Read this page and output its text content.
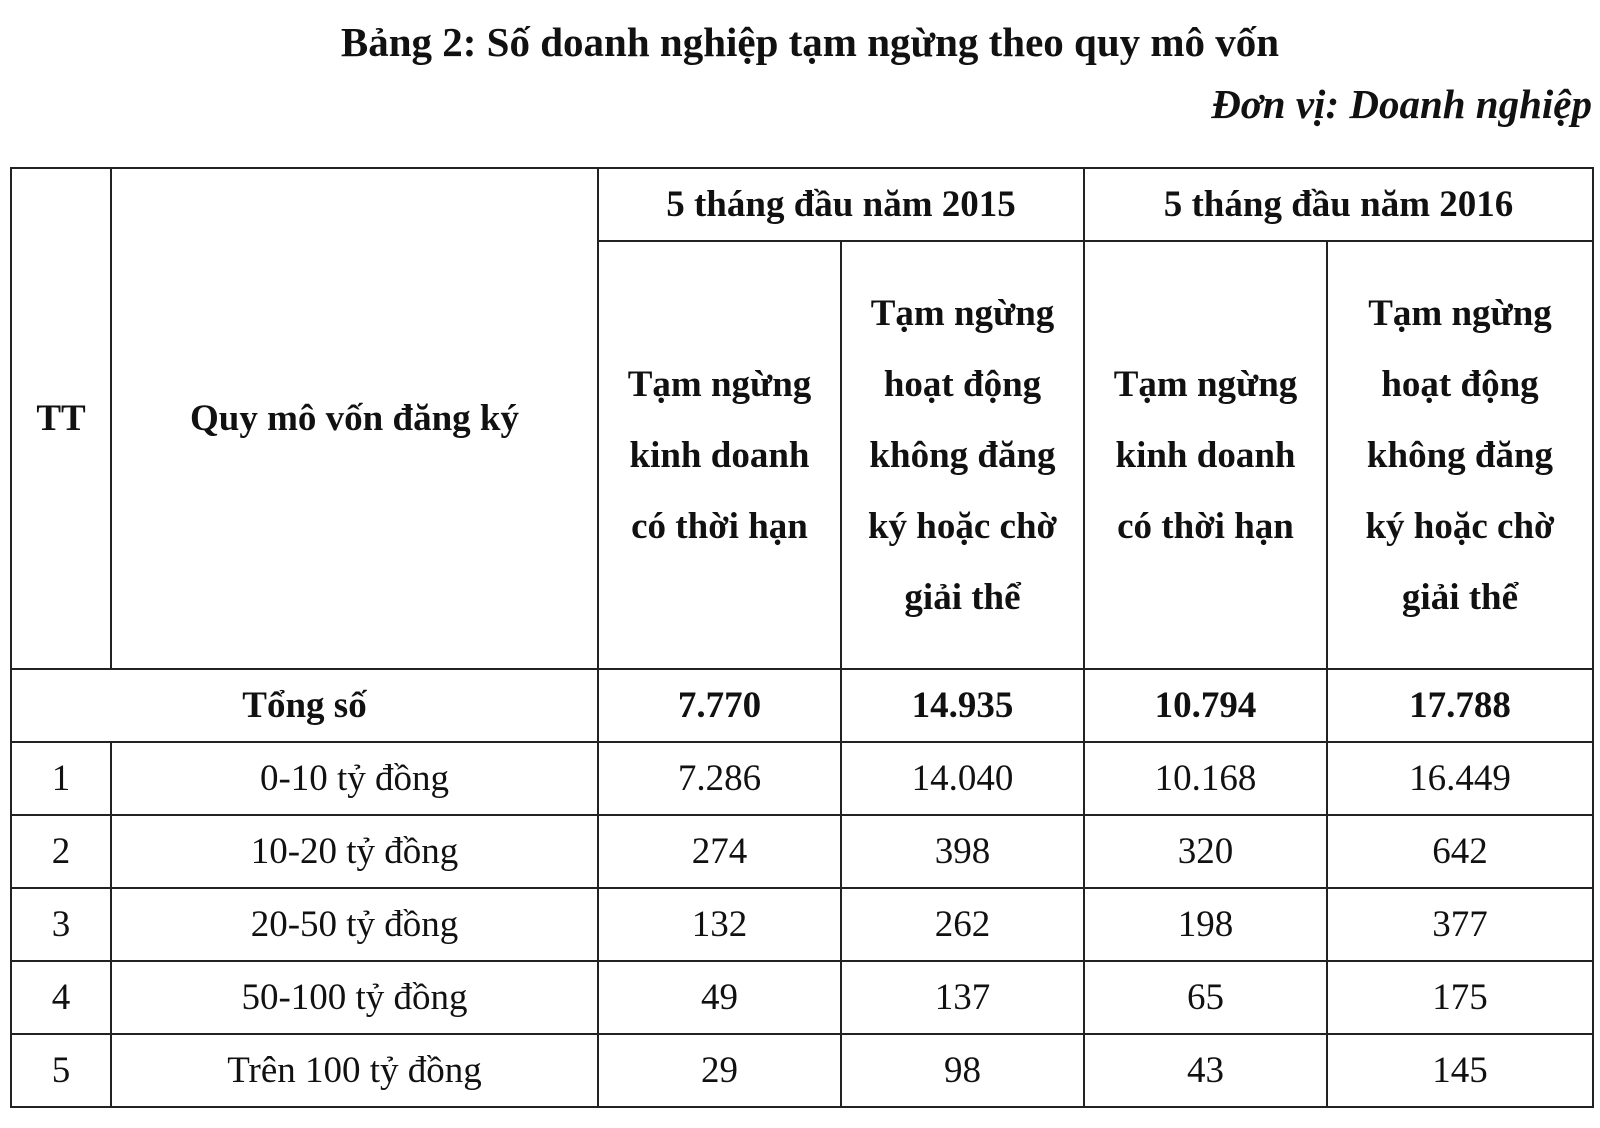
Bảng 2: Số doanh nghiệp tạm ngừng theo quy mô vốn
Đơn vị: Doanh nghiệp
TT	Quy mô vốn đăng ký	5 tháng đầu năm 2015		5 tháng đầu năm 2016	
		Tạm ngừng kinh doanh có thời hạn	Tạm ngừng hoạt động không đăng ký hoặc chờ giải thể	Tạm ngừng kinh doanh có thời hạn	Tạm ngừng hoạt động không đăng ký hoặc chờ giải thể
Tổng số		7.770	14.935	10.794	17.788
1	0-10 tỷ đồng	7.286	14.040	10.168	16.449
2	10-20 tỷ đồng	274	398	320	642
3	20-50 tỷ đồng	132	262	198	377
4	50-100 tỷ đồng	49	137	65	175
5	Trên 100 tỷ đồng	29	98	43	145
